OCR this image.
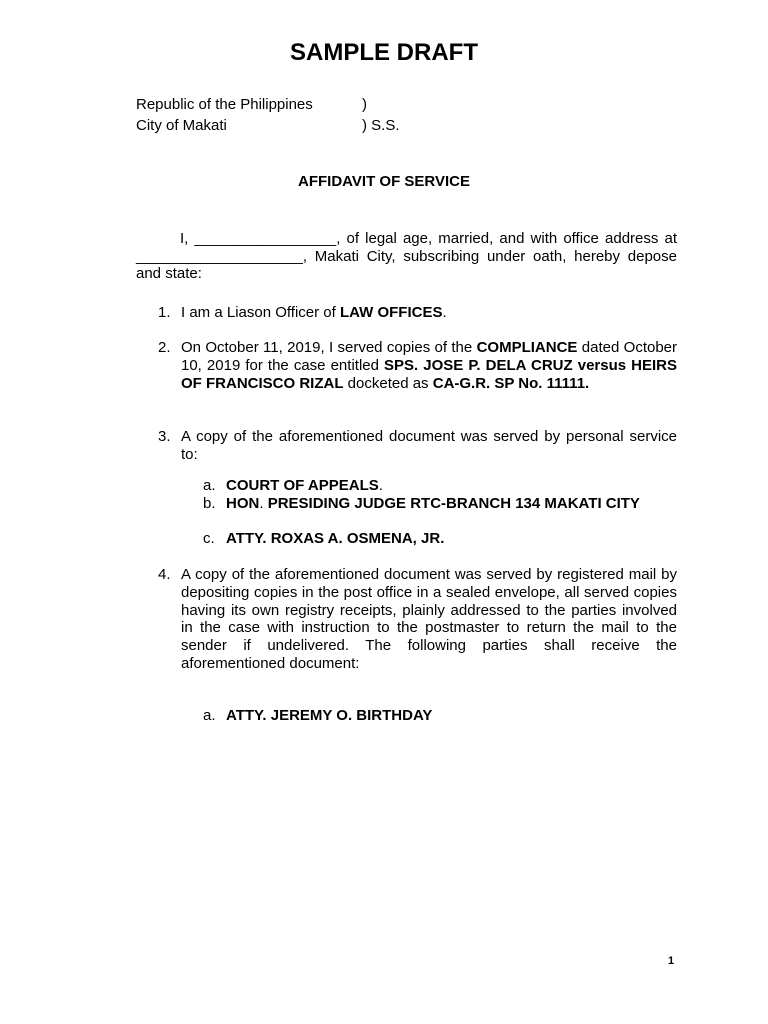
SAMPLE DRAFT
Republic of the Philippines	)
City of Makati	) S.S.
AFFIDAVIT OF SERVICE
I, _________________, of legal age, married, and with office address at ____________________, Makati City, subscribing under oath, hereby depose and state:
1. I am a Liason Officer of LAW OFFICES.
2. On October 11, 2019, I served copies of the COMPLIANCE dated October 10, 2019 for the case entitled SPS. JOSE P. DELA CRUZ versus HEIRS OF FRANCISCO RIZAL docketed as CA-G.R. SP No. 11111.
3. A copy of the aforementioned document was served by personal service to:
a. COURT OF APPEALS.
b. HON. PRESIDING JUDGE RTC-BRANCH 134 MAKATI CITY
c. ATTY. ROXAS A. OSMENA, JR.
4. A copy of the aforementioned document was served by registered mail by depositing copies in the post office in a sealed envelope, all served copies having its own registry receipts, plainly addressed to the parties involved in the case with instruction to the postmaster to return the mail to the sender if undelivered. The following parties shall receive the aforementioned document:
a. ATTY. JEREMY O. BIRTHDAY
1
